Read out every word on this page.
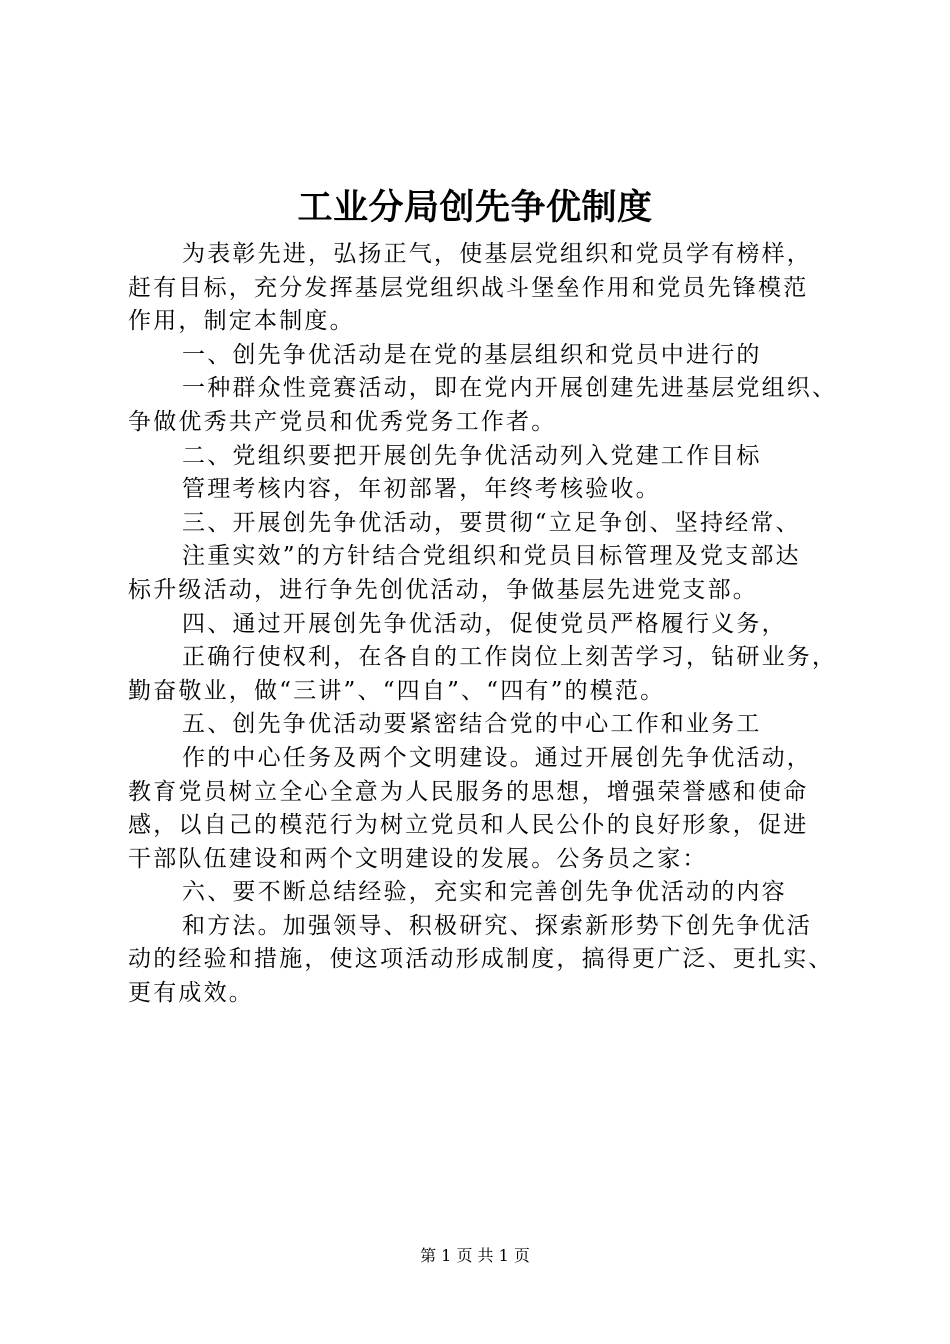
工业分局创先争优制度
为表彰先进，弘扬正气，使基层党组织和党员学有榜样，
赶有目标，充分发挥基层党组织战斗堡垒作用和党员先锋模范
作用，制定本制度。
一、创先争优活动是在党的基层组织和党员中进行的
一种群众性竞赛活动，即在党内开展创建先进基层党组织、
争做优秀共产党员和优秀党务工作者。
二、党组织要把开展创先争优活动列入党建工作目标
管理考核内容，年初部署，年终考核验收。
三、开展创先争优活动，要贯彻“立足争创、坚持经常、
注重实效”的方针结合党组织和党员目标管理及党支部达
标升级活动，进行争先创优活动，争做基层先进党支部。
四、通过开展创先争优活动，促使党员严格履行义务，
正确行使权利，在各自的工作岗位上刻苦学习，钻研业务，
勤奋敬业，做“三讲”、“四自”、“四有”的模范。
五、创先争优活动要紧密结合党的中心工作和业务工
作的中心任务及两个文明建设。通过开展创先争优活动，
教育党员树立全心全意为人民服务的思想，增强荣誉感和使命
感，以自己的模范行为树立党员和人民公仆的良好形象，促进
干部队伍建设和两个文明建设的发展。公务员之家：
六、要不断总结经验，充实和完善创先争优活动的内容
和方法。加强领导、积极研究、探索新形势下创先争优活
动的经验和措施，使这项活动形成制度，搞得更广泛、更扎实、
更有成效。
第 1 页 共 1 页
